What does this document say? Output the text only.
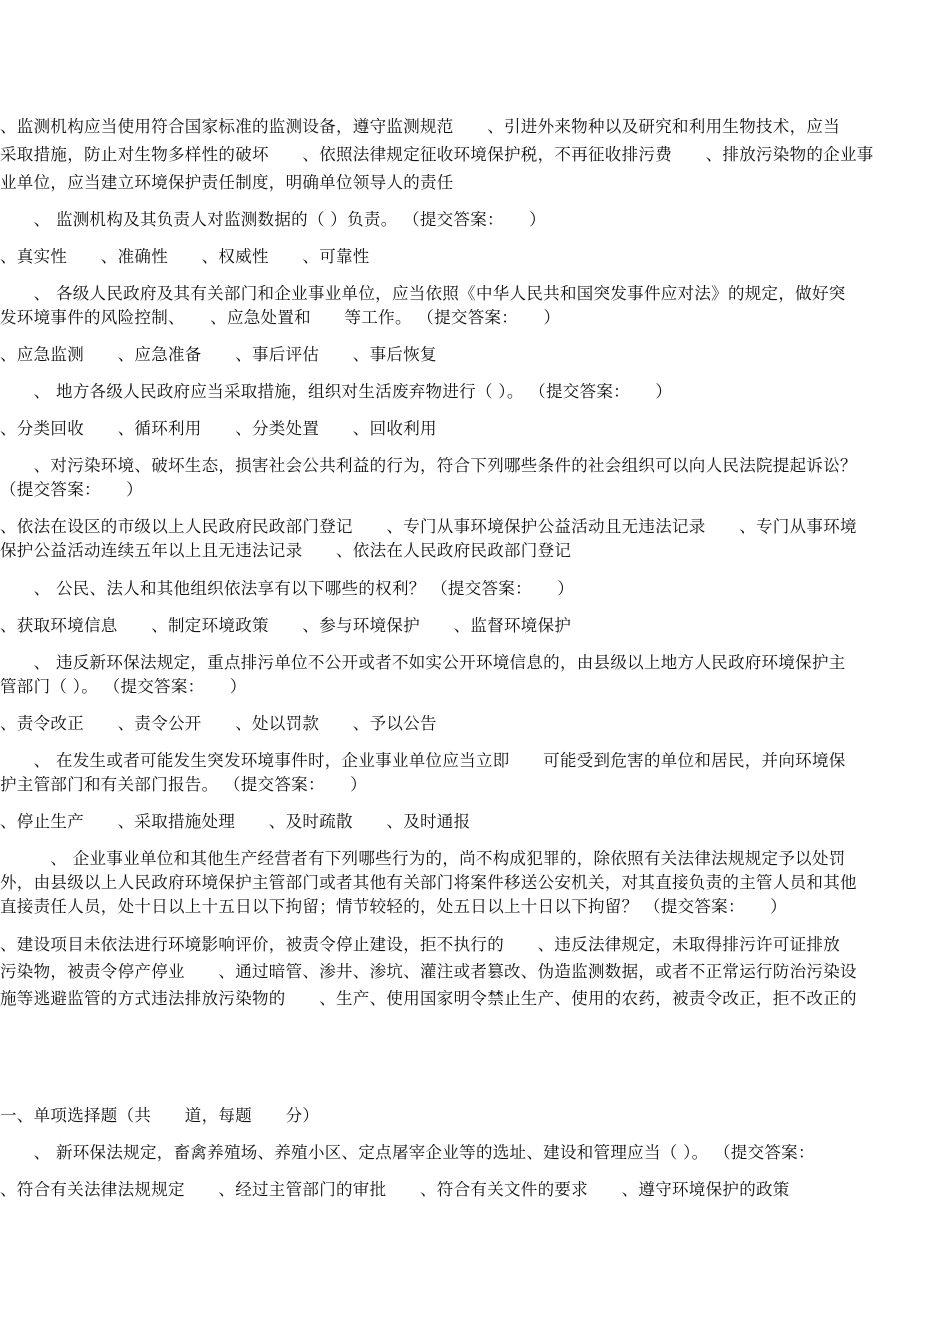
、监测机构应当使用符合国家标准的监测设备，遵守监测规范　　、引进外来物种以及研究和利用生物技术，应当
采取措施，防止对生物多样性的破坏　　、依照法律规定征收环境保护税，不再征收排污费　　、排放污染物的企业事
业单位，应当建立环境保护责任制度，明确单位领导人的责任
　　、 监测机构及其负责人对监测数据的（ ）负责。 （提交答案：　　）
、真实性　　、准确性　　、权威性　　、可靠性
　　、 各级人民政府及其有关部门和企业事业单位，应当依照《中华人民共和国突发事件应对法》的规定，做好突
发环境事件的风险控制、　　、应急处置和　　等工作。 （提交答案：　　）
、应急监测　　、应急准备　　、事后评估　　、事后恢复
　　、 地方各级人民政府应当采取措施，组织对生活废弃物进行（ ）。 （提交答案：　　）
、分类回收　　、循环利用　　、分类处置　　、回收利用
　　、对污染环境、破坏生态，损害社会公共利益的行为，符合下列哪些条件的社会组织可以向人民法院提起诉讼？
（提交答案：　　）
、依法在设区的市级以上人民政府民政部门登记　　、专门从事环境保护公益活动且无违法记录　　、专门从事环境
保护公益活动连续五年以上且无违法记录　　、依法在人民政府民政部门登记
　　、 公民、法人和其他组织依法享有以下哪些的权利？ （提交答案：　　）
、获取环境信息　　、制定环境政策　　、参与环境保护　　、监督环境保护
　　、 违反新环保法规定，重点排污单位不公开或者不如实公开环境信息的，由县级以上地方人民政府环境保护主
管部门（ ）。 （提交答案：　　）
、责令改正　　、责令公开　　、处以罚款　　、予以公告
　　、 在发生或者可能发生突发环境事件时，企业事业单位应当立即　　可能受到危害的单位和居民，并向环境保
护主管部门和有关部门报告。 （提交答案：　　）
、停止生产　　、采取措施处理　　、及时疏散　　、及时通报
　　　、 企业事业单位和其他生产经营者有下列哪些行为的，尚不构成犯罪的，除依照有关法律法规规定予以处罚
外，由县级以上人民政府环境保护主管部门或者其他有关部门将案件移送公安机关，对其直接负责的主管人员和其他
直接责任人员，处十日以上十五日以下拘留；情节较轻的，处五日以上十日以下拘留？ （提交答案：　　）
、建设项目未依法进行环境影响评价，被责令停止建设，拒不执行的　　、违反法律规定，未取得排污许可证排放
污染物，被责令停产停业　　、通过暗管、渗井、渗坑、灌注或者篡改、伪造监测数据，或者不正常运行防治污染设
施等逃避监管的方式违法排放污染物的　　、生产、使用国家明令禁止生产、使用的农药，被责令改正，拒不改正的
一、单项选择题（共　　道，每题　　分）
　　、 新环保法规定，畜禽养殖场、养殖小区、定点屠宰企业等的选址、建设和管理应当（ ）。 （提交答案：
、符合有关法律法规规定　　、经过主管部门的审批　　、符合有关文件的要求　　、遵守环境保护的政策
